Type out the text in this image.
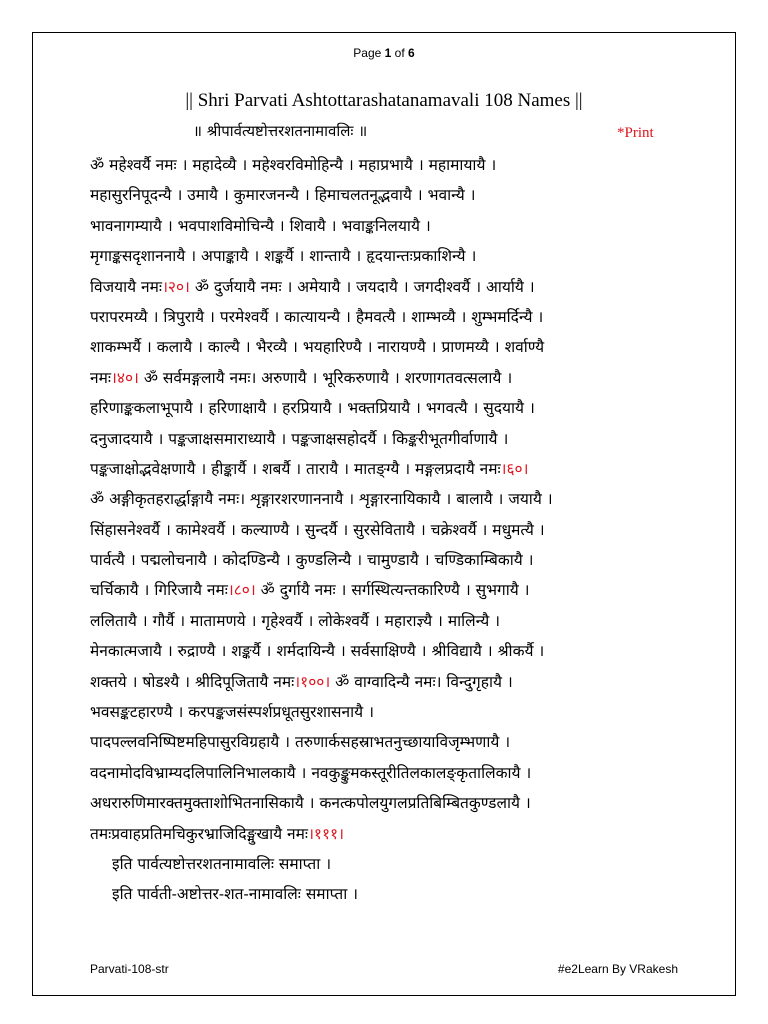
Page 1 of 6
|| Shri Parvati Ashtottarashatanamavali 108 Names ||
॥ श्रीपार्वत्यष्टोत्तरशतनामावलिः ॥	*Print
ॐ महेश्वर्यै नमः । महादेव्यै । महेश्वरविमोहिन्यै । महाप्रभायै । महामायायै ।
महासुरनिपूदन्यै । उमायै । कुमारजनन्यै । हिमाचलतनूद्भवायै । भवान्यै ।
भावनागम्यायै । भवपाशविमोचिन्यै । शिवायै । भवाङ्कनिलयायै ।
मृगाङ्कसदृशाननायै । अपाङ्कायै । शङ्कर्यै । शान्तायै । हृदयान्तःप्रकाशिन्यै ।
विजयायै नमः।२०। ॐ दुर्जयायै नमः । अमेयायै । जयदायै । जगदीश्वर्यै । आर्यायै ।
परापरमय्यै । त्रिपुरायै । परमेश्वर्यै । कात्यायन्यै । हैमवत्यै । शाम्भव्यै । शुम्भमर्दिन्यै ।
शाकम्भर्यै । कलायै । काल्यै । भैरव्यै । भयहारिण्यै । नारायण्यै । प्राणमय्यै । शर्वाण्यै
नमः।४०। ॐ सर्वमङ्गलायै नमः। अरुणायै । भूरिकरुणायै । शरणागतवत्सलायै ।
हरिणाङ्ककलाभूपायै । हरिणाक्षायै । हरप्रियायै । भक्तप्रियायै । भगवत्यै । सुदयायै ।
दनुजादयायै । पङ्कजाक्षसमाराध्यायै । पङ्कजाक्षसहोदर्यै । किङ्करीभूतगीर्वाणायै ।
पङ्कजाक्षोद्भवेक्षणायै । हीङ्कार्यै । शबर्यै । तारायै । मातङ्ग्यै । मङ्गलप्रदायै नमः।६०।
ॐ अङ्गीकृतहरार्द्धाङ्गायै नमः। शृङ्गारशरणाननायै । शृङ्गारनायिकायै । बालायै । जयायै ।
सिंहासनेश्वर्यै । कामेश्वर्यै । कल्याण्यै । सुन्दर्यै । सुरसेवितायै । चक्रेश्वर्यै । मधुमत्यै ।
पार्वत्यै । पद्मलोचनायै । कोदण्डिन्यै । कुण्डलिन्यै । चामुण्डायै । चण्डिकाम्बिकायै ।
चर्चिकायै । गिरिजायै नमः।८०। ॐ दुर्गायै नमः । सर्गस्थित्यन्तकारिण्यै । सुभगायै ।
ललितायै । गौर्यै । मातामणये । गृहेश्वर्यै । लोकेश्वर्यै । महाराज्ञ्यै । मालिन्यै ।
मेनकात्मजायै । रुद्राण्यै । शङ्कर्यै । शर्मदायिन्यै । सर्वसाक्षिण्यै । श्रीविद्यायै । श्रीकर्यै ।
शक्तये । षोडश्यै । श्रीदिपूजितायै नमः।१००। ॐ वाग्वादिन्यै नमः। विन्दुगृहायै ।
भवसङ्कटहारण्यै । करपङ्कजसंस्पर्शप्रधूतसुरशासनायै ।
पादपल्लवनिष्पिष्टमहिपासुरविग्रहायै । तरुणार्कसहस्राभतनुच्छायाविजृम्भणायै ।
वदनामोदविभ्राम्यदलिपालिनिभालकायै । नवकुङ्कुमकस्तूरीतिलकालङ्कृतालिकायै ।
अधरारुणिमारक्तमुक्ताशोभितनासिकायै । कनत्कपोलयुगलप्रतिबिम्बितकुण्डलायै ।
तमःप्रवाहप्रतिमचिकुरभ्राजिदिङ्मुखायै नमः।१११।
इति पार्वत्यष्टोत्तरशतनामावलिः समाप्ता ।
इति पार्वती-अष्टोत्तर-शत-नामावलिः समाप्ता ।
Parvati-108-str	#e2Learn By VRakesh
